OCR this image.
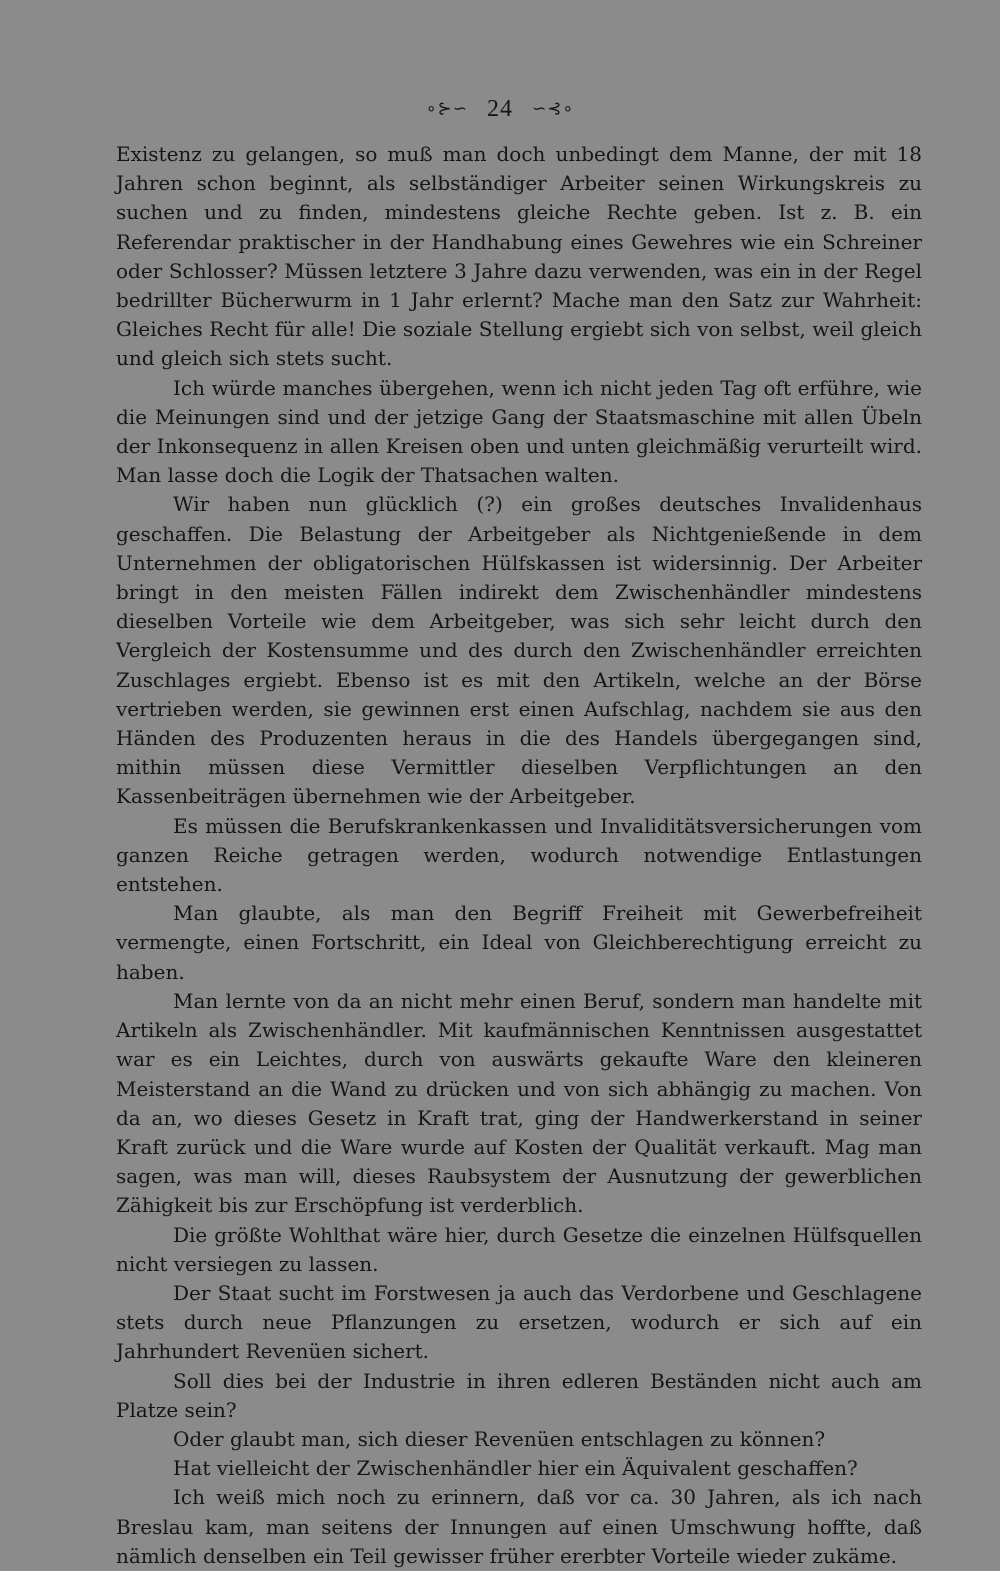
∘⊱∽ 24 ∽⊰∘

Existenz zu gelangen, so muß man doch unbedingt dem Manne, der mit 18 Jahren schon beginnt, als selbständiger Arbeiter seinen Wirkungskreis zu suchen und zu finden, mindestens gleiche Rechte geben. Ist z. B. ein Referendar praktischer in der Handhabung eines Gewehres wie ein Schreiner oder Schlosser? Müssen letztere 3 Jahre dazu verwenden, was ein in der Regel bedrillter Bücherwurm in 1 Jahr erlernt? Mache man den Satz zur Wahrheit: Gleiches Recht für alle! Die soziale Stellung ergiebt sich von selbst, weil gleich und gleich sich stets sucht.

Ich würde manches übergehen, wenn ich nicht jeden Tag oft erführe, wie die Meinungen sind und der jetzige Gang der Staatsmaschine mit allen Übeln der Inkonsequenz in allen Kreisen oben und unten gleichmäßig verurteilt wird. Man lasse doch die Logik der Thatsachen walten.

Wir haben nun glücklich (?) ein großes deutsches Invalidenhaus geschaffen. Die Belastung der Arbeitgeber als Nichtgenießende in dem Unternehmen der obligatorischen Hülfskassen ist widersinnig. Der Arbeiter bringt in den meisten Fällen indirekt dem Zwischenhändler mindestens dieselben Vorteile wie dem Arbeitgeber, was sich sehr leicht durch den Vergleich der Kostensumme und des durch den Zwischenhändler erreichten Zuschlages ergiebt. Ebenso ist es mit den Artikeln, welche an der Börse vertrieben werden, sie gewinnen erst einen Aufschlag, nachdem sie aus den Händen des Produzenten heraus in die des Handels übergegangen sind, mithin müssen diese Vermittler dieselben Verpflichtungen an den Kassenbeiträgen übernehmen wie der Arbeitgeber.

Es müssen die Berufskrankenkassen und Invaliditätsversicherungen vom ganzen Reiche getragen werden, wodurch notwendige Entlastungen entstehen.

Man glaubte, als man den Begriff Freiheit mit Gewerbefreiheit vermengte, einen Fortschritt, ein Ideal von Gleichberechtigung erreicht zu haben.

Man lernte von da an nicht mehr einen Beruf, sondern man handelte mit Artikeln als Zwischenhändler. Mit kaufmännischen Kenntnissen ausgestattet war es ein Leichtes, durch von auswärts gekaufte Ware den kleineren Meisterstand an die Wand zu drücken und von sich abhängig zu machen. Von da an, wo dieses Gesetz in Kraft trat, ging der Handwerkerstand in seiner Kraft zurück und die Ware wurde auf Kosten der Qualität verkauft. Mag man sagen, was man will, dieses Raubsystem der Ausnutzung der gewerblichen Zähigkeit bis zur Erschöpfung ist verderblich.

Die größte Wohlthat wäre hier, durch Gesetze die einzelnen Hülfsquellen nicht versiegen zu lassen.

Der Staat sucht im Forstwesen ja auch das Verdorbene und Geschlagene stets durch neue Pflanzungen zu ersetzen, wodurch er sich auf ein Jahrhundert Revenüen sichert.

Soll dies bei der Industrie in ihren edleren Beständen nicht auch am Platze sein?

Oder glaubt man, sich dieser Revenüen entschlagen zu können?

Hat vielleicht der Zwischenhändler hier ein Äquivalent geschaffen?

Ich weiß mich noch zu erinnern, daß vor ca. 30 Jahren, als ich nach Breslau kam, man seitens der Innungen auf einen Umschwung hoffte, daß nämlich denselben ein Teil gewisser früher ererbter Vorteile wieder zukäme.
